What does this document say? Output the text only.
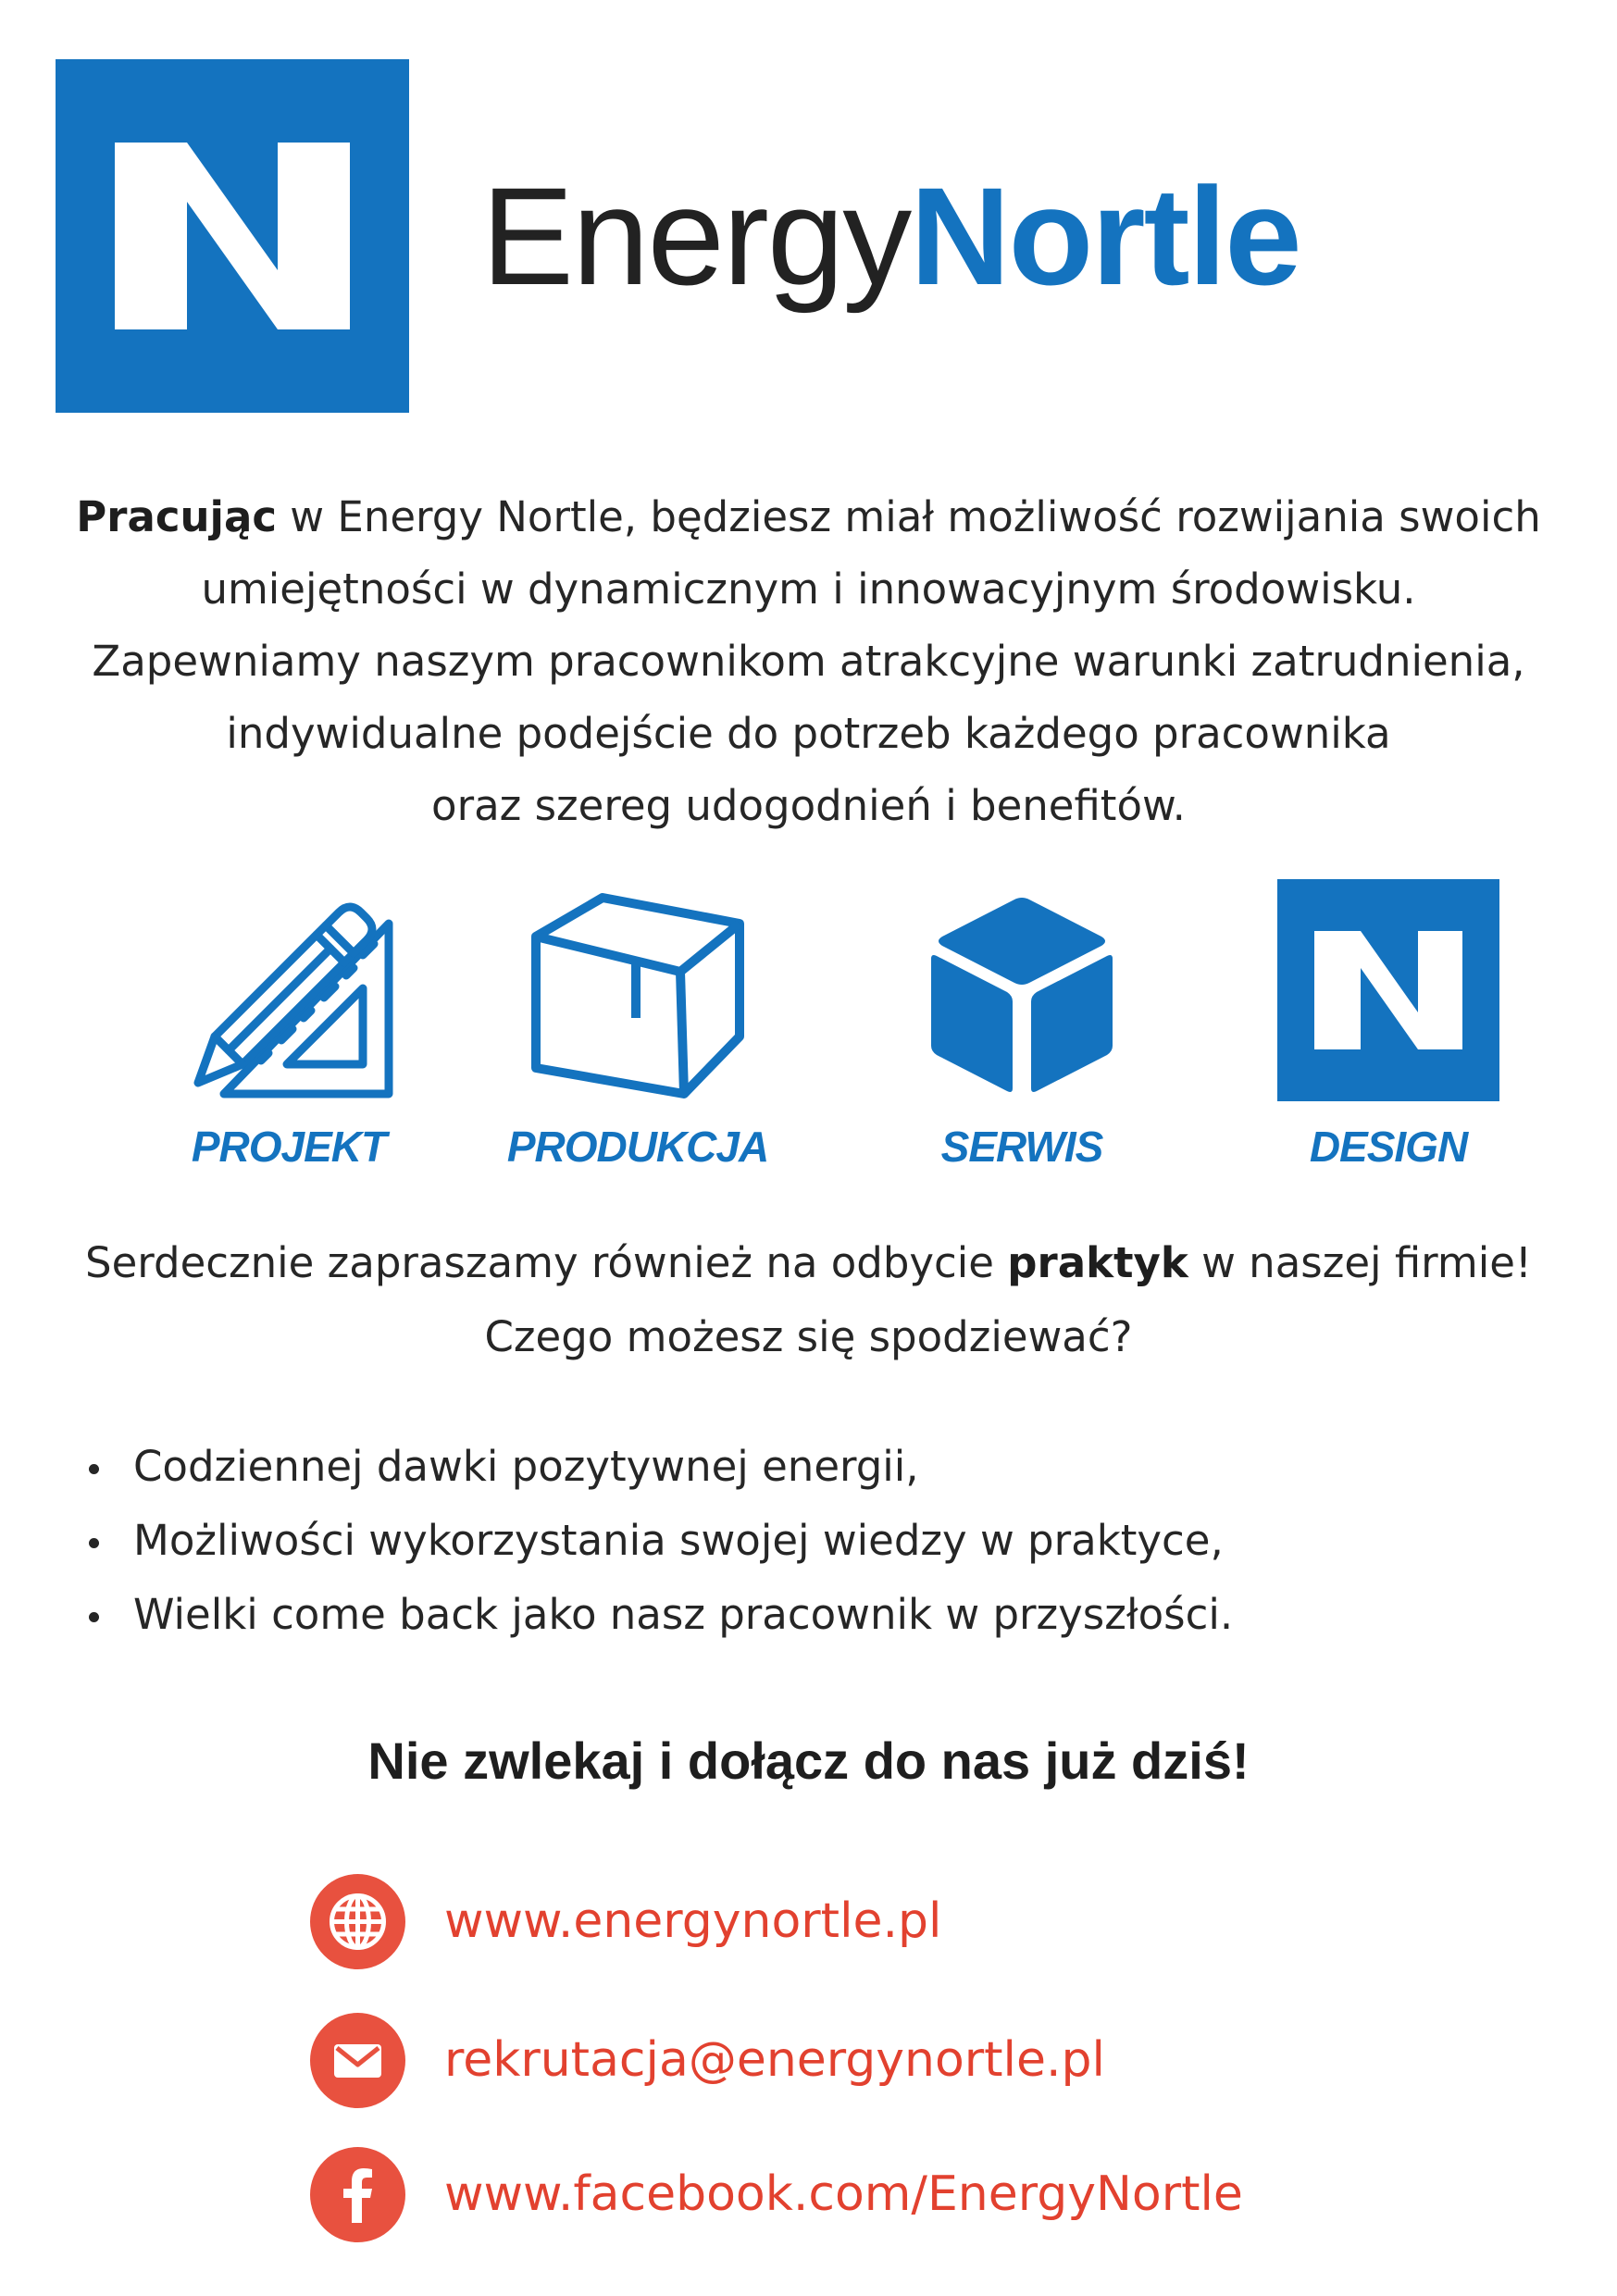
EnergyNortle

Pracując w Energy Nortle, będziesz miał możliwość rozwijania swoich

umiejętności w dynamicznym i innowacyjnym środowisku.

Zapewniamy naszym pracownikom atrakcyjne warunki zatrudnienia,

indywidualne podejście do potrzeb każdego pracownika

oraz szereg udogodnień i benefitów.

PROJEKT	PRODUKCJA	SERWIS	DESIGN

Serdecznie zapraszamy również na odbycie praktyk w naszej firmie!

Czego możesz się spodziewać?

Codziennej dawki pozytywnej energii,
Możliwości wykorzystania swojej wiedzy w praktyce,
Wielki come back jako nasz pracownik w przyszłości.
Nie zwlekaj i dołącz do nas już dziś!
www.energynortle.pl
rekrutacja@energynortle.pl
www.facebook.com/EnergyNortle
